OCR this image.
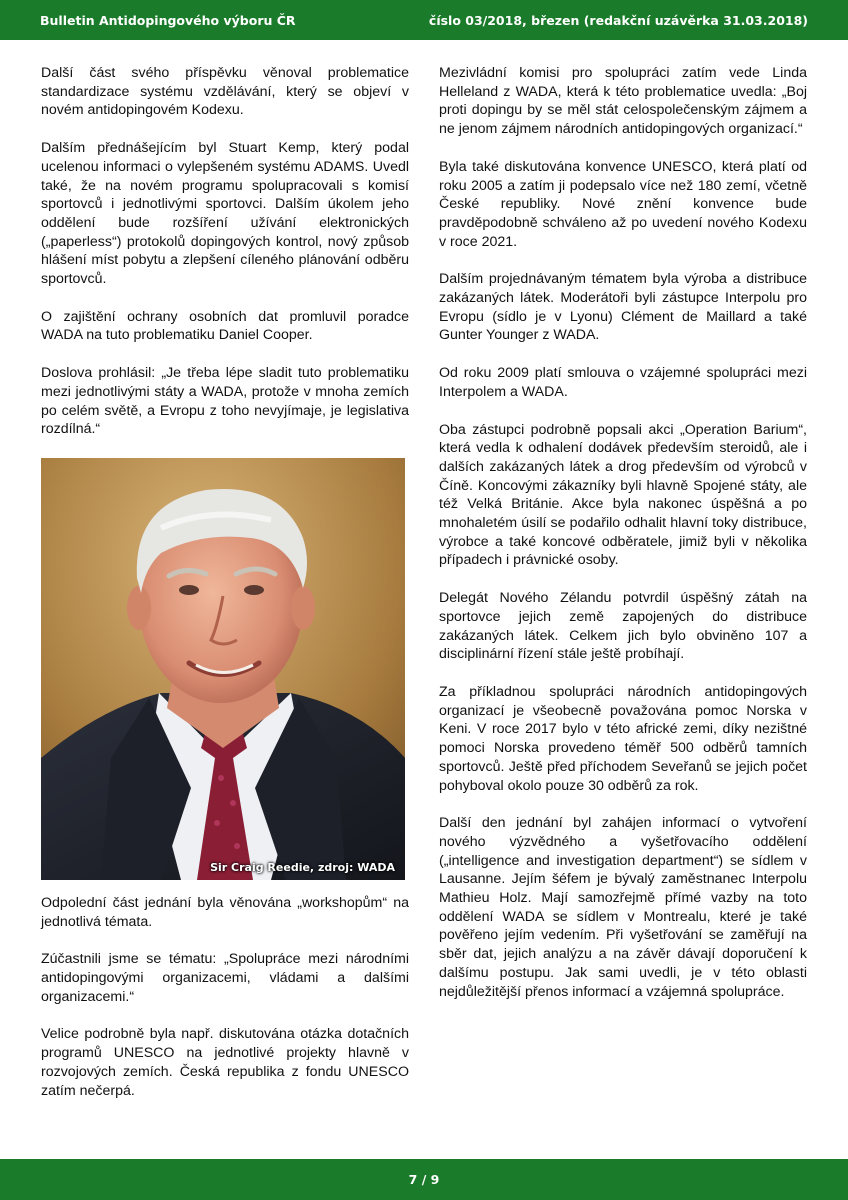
Bulletin Antidopingového výboru ČR	číslo 03/2018, březen (redakční uzávěrka 31.03.2018)

Další část svého příspěvku věnoval problematice standardizace systému vzdělávání, který se objeví v novém antidopingovém Kodexu.

Dalším přednášejícím byl Stuart Kemp, který podal ucelenou informaci o vylepšeném systému ADAMS. Uvedl také, že na novém programu spolupracovali s komisí sportovců i jednotlivými sportovci. Dalším úkolem jeho oddělení bude rozšíření užívání elektronických („paperless“) protokolů dopingových kontrol, nový způsob hlášení míst pobytu a zlepšení cíleného plánování odběru sportovců.

O zajištění ochrany osobních dat promluvil poradce WADA na tuto problematiku Daniel Cooper.

Doslova prohlásil: „Je třeba lépe sladit tuto problematiku mezi jednotlivými státy a WADA, protože v mnoha zemích po celém světě, a Evropu z toho nevyjímaje, je legislativa rozdílná.“

Sir Craig Reedie, zdroj: WADA

Odpolední část jednání byla věnována „workshopům“ na jednotlivá témata.

Zúčastnili jsme se tématu: „Spolupráce mezi národními antidopingovými organizacemi, vládami a dalšími organizacemi.“

Velice podrobně byla např. diskutována otázka dotačních programů UNESCO na jednotlivé projekty hlavně v rozvojových zemích. Česká republika z fondu UNESCO zatím nečerpá.

Mezivládní komisi pro spolupráci zatím vede Linda Helleland z WADA, která k této problematice uvedla: „Boj proti dopingu by se měl stát celospolečenským zájmem a ne jenom zájmem národních antidopingových organizací.“

Byla také diskutována konvence UNESCO, která platí od roku 2005 a zatím ji podepsalo více než 180 zemí, včetně České republiky. Nové znění konvence bude pravděpodobně schváleno až po uvedení nového Kodexu v roce 2021.

Dalším projednávaným tématem byla výroba a distribuce zakázaných látek. Moderátoři byli zástupce Interpolu pro Evropu (sídlo je v Lyonu) Clément de Maillard a také Gunter Younger z WADA.

Od roku 2009 platí smlouva o vzájemné spolupráci mezi Interpolem a WADA.

Oba zástupci podrobně popsali akci „Operation Barium“, která vedla k odhalení dodávek především steroidů, ale i dalších zakázaných látek a drog především od výrobců v Číně. Koncovými zákazníky byli hlavně Spojené státy, ale též Velká Británie. Akce byla nakonec úspěšná a po mnohaletém úsilí se podařilo odhalit hlavní toky distribuce, výrobce a také koncové odběratele, jimiž byli v několika případech i právnické osoby.

Delegát Nového Zélandu potvrdil úspěšný zátah na sportovce jejich země zapojených do distribuce zakázaných látek. Celkem jich bylo obviněno 107 a disciplinární řízení stále ještě probíhají.

Za příkladnou spolupráci národních antidopingových organizací je všeobecně považována pomoc Norska v Keni. V roce 2017 bylo v této africké zemi, díky nezištné pomoci Norska provedeno téměř 500 odběrů tamních sportovců. Ještě před příchodem Seveřanů se jejich počet pohyboval okolo pouze 30 odběrů za rok.

Další den jednání byl zahájen informací o vytvoření nového výzvědného a vyšetřovacího oddělení („intelligence and investigation department“) se sídlem v Lausanne. Jejím šéfem je bývalý zaměstnanec Interpolu Mathieu Holz. Mají samozřejmě přímé vazby na toto oddělení WADA se sídlem v Montrealu, které je také pověřeno jejím vedením. Při vyšetřování se zaměřují na sběr dat, jejich analýzu a na závěr dávají doporučení k dalšímu postupu. Jak sami uvedli, je v této oblasti nejdůležitější přenos informací a vzájemná spolupráce.

7 / 9
